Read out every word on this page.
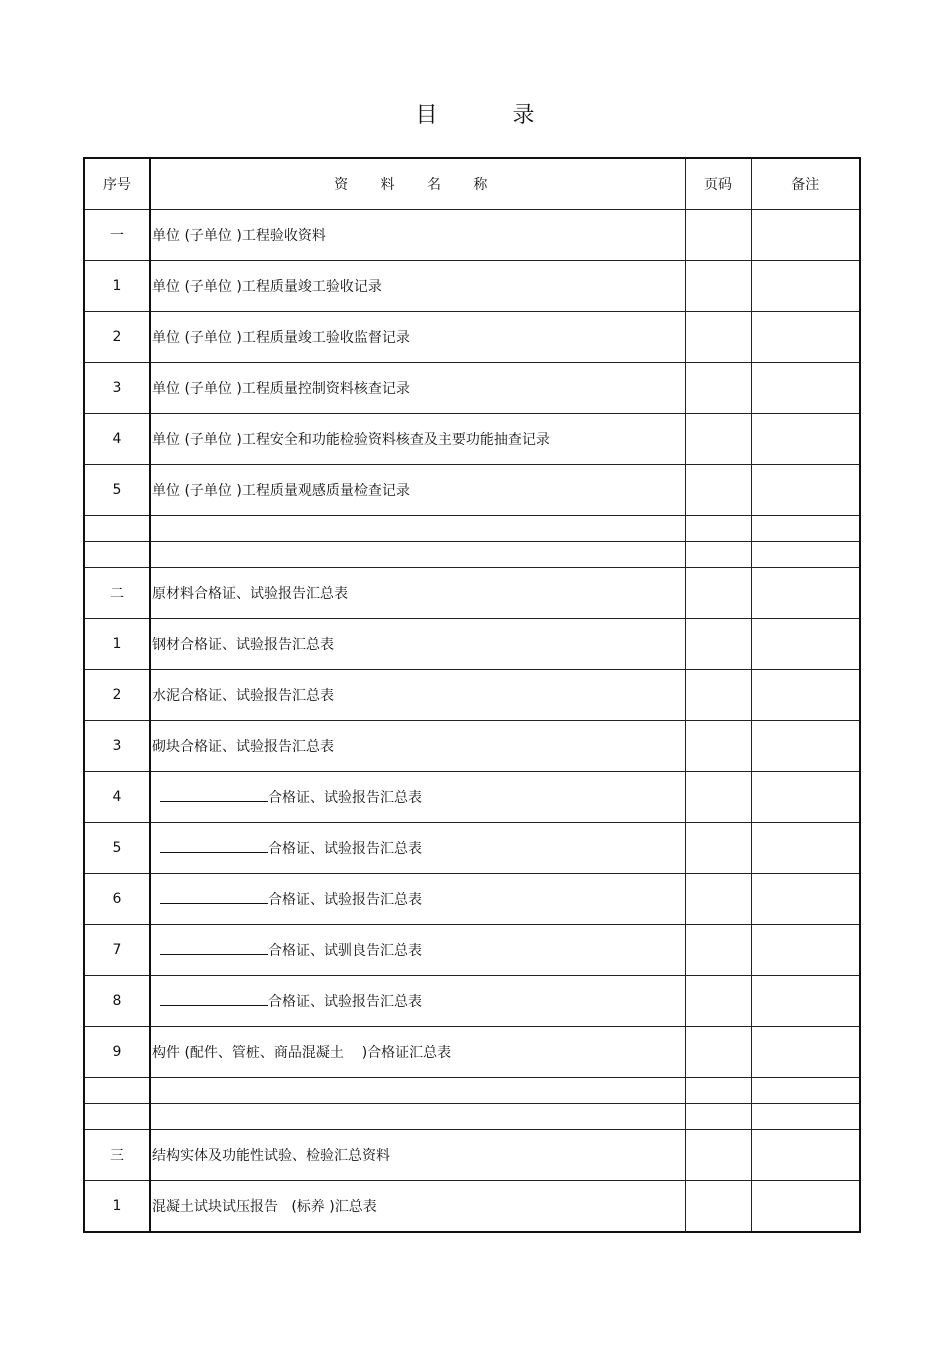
目 录
序号	资 料 名 称	页码	备注
一	单位 (子单位 )工程验收资料		
1	单位 (子单位 )工程质量竣工验收记录		
2	单位 (子单位 )工程质量竣工验收监督记录		
3	单位 (子单位 )工程质量控制资料核查记录		
4	单位 (子单位 )工程安全和功能检验资料核查及主要功能抽查记录		
5	单位 (子单位 )工程质量观感质量检查记录		

二	原材料合格证、试验报告汇总表		
1	钢材合格证、试验报告汇总表		
2	水泥合格证、试验报告汇总表		
3	砌块合格证、试验报告汇总表		
4	合格证、试验报告汇总表		
5	合格证、试验报告汇总表		
6	合格证、试验报告汇总表		
7	合格证、试驯良告汇总表		
8	合格证、试验报告汇总表		
9	构件 (配件、管桩、商品混凝土    )合格证汇总表		

三	结构实体及功能性试验、检验汇总资料		
1	混凝土试块试压报告   (标养 )汇总表		
